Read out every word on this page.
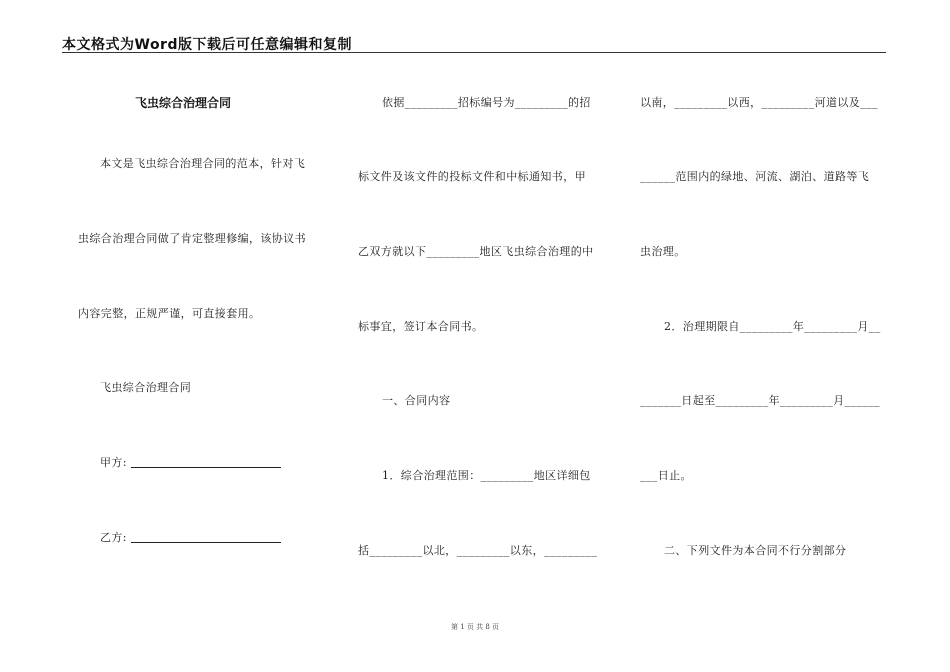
本文格式为Word版下载后可任意编辑和复制
飞虫综合治理合同
本文是飞虫综合治理合同的范本，针对飞
虫综合治理合同做了肯定整理修编，该协议书
内容完整，正规严谨，可直接套用。
飞虫综合治理合同
甲方:
乙方:
依据_________招标编号为_________的招
标文件及该文件的投标文件和中标通知书，甲
乙双方就以下_________地区飞虫综合治理的中
标事宜，签订本合同书。
一、合同内容
1．综合治理范围：_________地区详细包
括_________以北，_________以东，_________
以南，_________以西，_________河道以及___
______范围内的绿地、河流、湖泊、道路等飞
虫治理。
2．治理期限自_________年_________月__
_______日起至_________年_________月______
___日止。
二、下列文件为本合同不行分割部分
第 1 页 共 8 页
